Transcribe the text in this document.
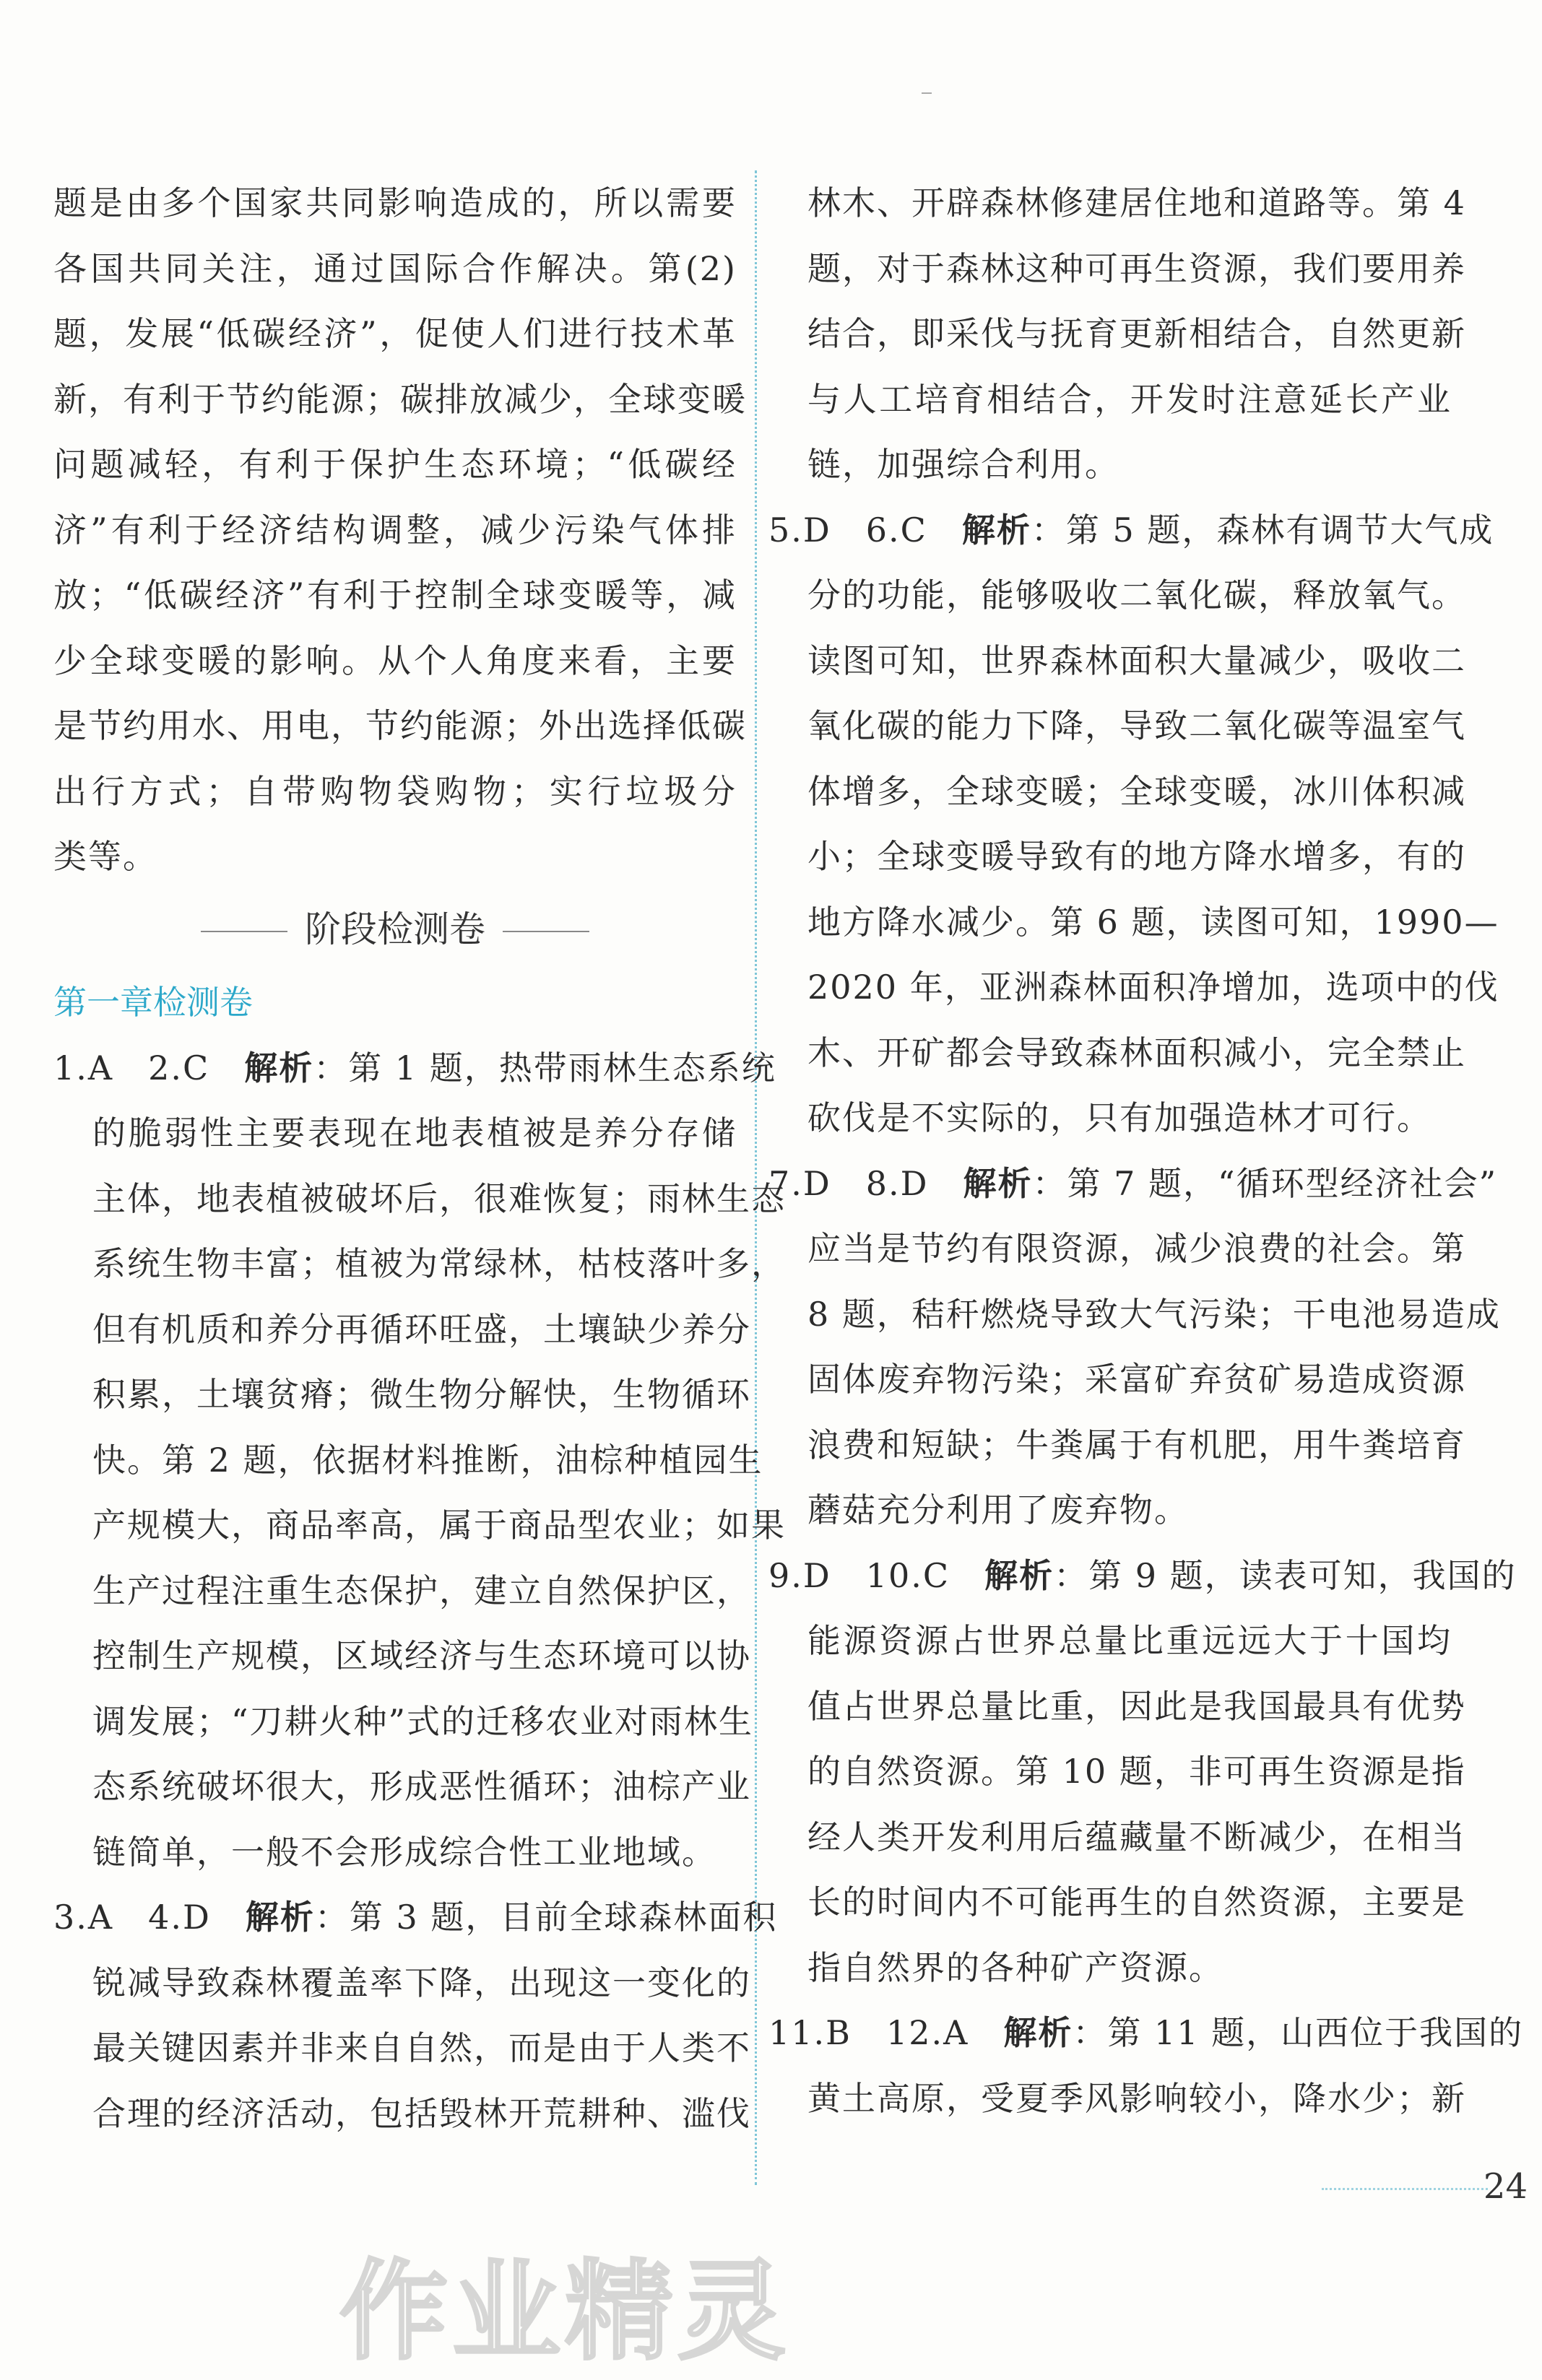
题是由多个国家共同影响造成的，所以需要
各国共同关注，通过国际合作解决。第(2)
题，发展“低碳经济”，促使人们进行技术革
新，有利于节约能源；碳排放减少，全球变暖
问题减轻，有利于保护生态环境；“低碳经
济”有利于经济结构调整，减少污染气体排
放；“低碳经济”有利于控制全球变暖等，减
少全球变暖的影响。从个人角度来看，主要
是节约用水、用电，节约能源；外出选择低碳
出行方式；自带购物袋购物；实行垃圾分
类等。
阶段检测卷
第一章检测卷
1.A　2.C　解析：第 1 题，热带雨林生态系统
的脆弱性主要表现在地表植被是养分存储
主体，地表植被破坏后，很难恢复；雨林生态
系统生物丰富；植被为常绿林，枯枝落叶多，
但有机质和养分再循环旺盛，土壤缺少养分
积累，土壤贫瘠；微生物分解快，生物循环
快。第 2 题，依据材料推断，油棕种植园生
产规模大，商品率高，属于商品型农业；如果
生产过程注重生态保护，建立自然保护区，
控制生产规模，区域经济与生态环境可以协
调发展；“刀耕火种”式的迁移农业对雨林生
态系统破坏很大，形成恶性循环；油棕产业
链简单，一般不会形成综合性工业地域。
3.A　4.D　解析：第 3 题，目前全球森林面积
锐减导致森林覆盖率下降，出现这一变化的
最关键因素并非来自自然，而是由于人类不
合理的经济活动，包括毁林开荒耕种、滥伐
林木、开辟森林修建居住地和道路等。第 4
题，对于森林这种可再生资源，我们要用养
结合，即采伐与抚育更新相结合，自然更新
与人工培育相结合，开发时注意延长产业
链，加强综合利用。
5.D　6.C　解析：第 5 题，森林有调节大气成
分的功能，能够吸收二氧化碳，释放氧气。
读图可知，世界森林面积大量减少，吸收二
氧化碳的能力下降，导致二氧化碳等温室气
体增多，全球变暖；全球变暖，冰川体积减
小；全球变暖导致有的地方降水增多，有的
地方降水减少。第 6 题，读图可知，1990—
2020 年，亚洲森林面积净增加，选项中的伐
木、开矿都会导致森林面积减小，完全禁止
砍伐是不实际的，只有加强造林才可行。
7.D　8.D　解析：第 7 题，“循环型经济社会”
应当是节约有限资源，减少浪费的社会。第
8 题，秸秆燃烧导致大气污染；干电池易造成
固体废弃物污染；采富矿弃贫矿易造成资源
浪费和短缺；牛粪属于有机肥，用牛粪培育
蘑菇充分利用了废弃物。
9.D　10.C　解析：第 9 题，读表可知，我国的
能源资源占世界总量比重远远大于十国均
值占世界总量比重，因此是我国最具有优势
的自然资源。第 10 题，非可再生资源是指
经人类开发利用后蕴藏量不断减少，在相当
长的时间内不可能再生的自然资源，主要是
指自然界的各种矿产资源。
11.B　12.A　解析：第 11 题，山西位于我国的
黄土高原，受夏季风影响较小，降水少；新
24
作业精灵
